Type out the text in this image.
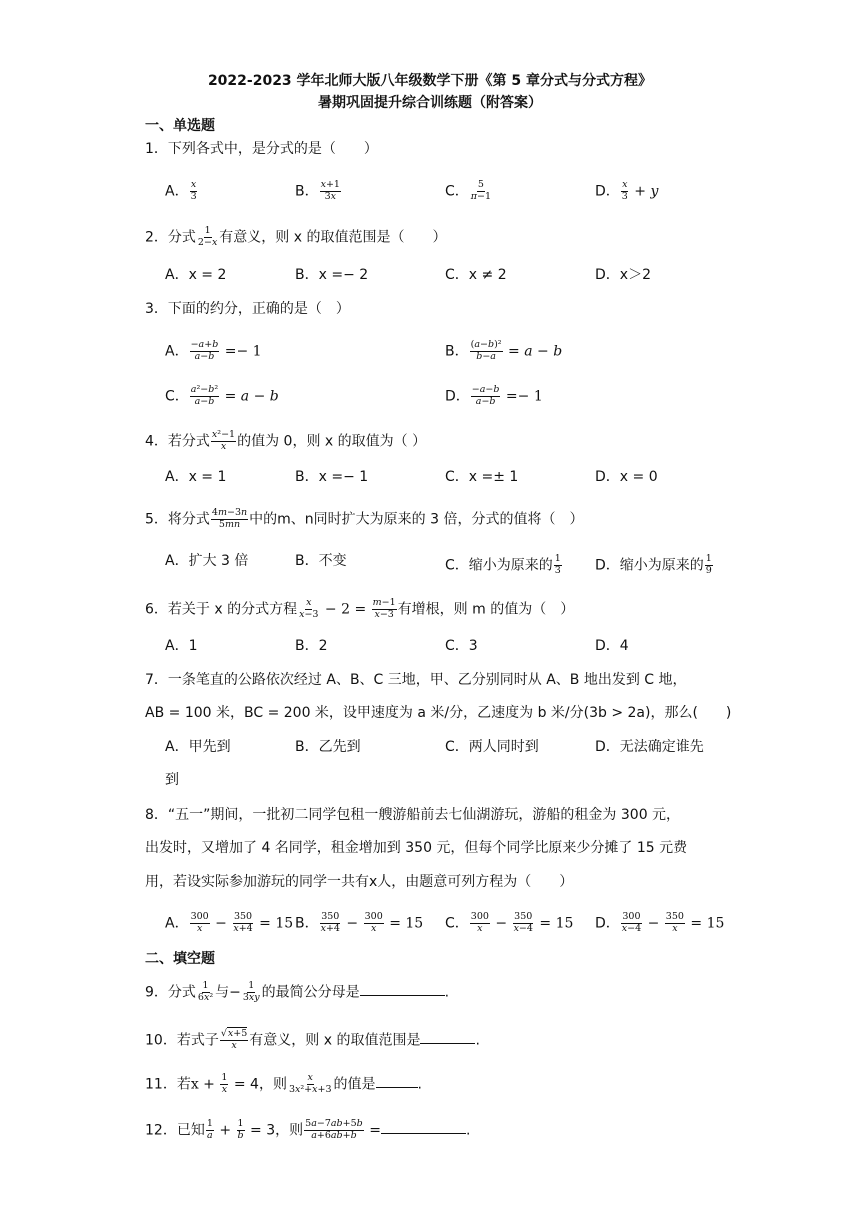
2022-2023 学年北师大版八年级数学下册《第 5 章分式与分式方程》
暑期巩固提升综合训练题（附答案）
一、单选题
1．下列各式中，是分式的是（　　）
A． $\frac{x}{3}$	B． $\frac{x+1}{3x}$	C． $\frac{5}{\pi-1}$	D． $\frac{x}{3} + y$
2．分式 $\frac{1}{2-x}$ 有意义，则 x 的取值范围是（　　）
A．x = 2	B．x =− 2	C．x ≠ 2	D．x＞2
3．下面的约分，正确的是（　）
A． $\frac{-a+b}{a-b} =- 1$	B． $\frac{\text{(a−b)²}}{b-a} = a - b$
C． $\frac{\text{a²−b²}}{a-b} = a - b$	D． $\frac{-a-b}{a-b} =- 1$
4．若分式 $\frac{\text{x²−1}}{x}$ 的值为 0，则 x 的取值为（ ）
A．x = 1	B．x =− 1	C．x =± 1	D．x = 0
5．将分式 $\frac{4m-3n}{5mn}$ 中的m、n同时扩大为原来的 3 倍，分式的值将（　）
A．扩大 3 倍	B．不变	C．缩小为原来的 $\frac{1}{3}$ D．缩小为原来的 $\frac{1}{9}$
6．若关于 x 的分式方程 $\frac{x}{x-3} - 2 = \frac{m-1}{x-3}$ 有增根，则 m 的值为（　）
A．1	B．2	C．3	D．4
7．一条笔直的公路依次经过 A、B、C 三地，甲、乙分别同时从 A、B 地出发到 C 地，
AB = 100 米，BC = 200 米，设甲速度为 a 米/分，乙速度为 b 米/分(3b > 2a)，那么(　　)
A．甲先到	B．乙先到	C．两人同时到	D．无法确定谁先
到
8．“五一”期间，一批初二同学包租一艘游船前去七仙湖游玩，游船的租金为 300 元，
出发时，又增加了 4 名同学，租金增加到 350 元，但每个同学比原来少分摊了 15 元费
用，若设实际参加游玩的同学一共有x人，由题意可列方程为（　　）
A． $\frac{300}{x} - \frac{350}{x+4} = 15$ B． $\frac{350}{x+4} - \frac{300}{x} = 15$ C． $\frac{300}{x} - \frac{350}{x-4} = 15$ D． $\frac{300}{x-4} - \frac{350}{x} = 15$
二、填空题
9．分式 $\frac{1}{\text{6x²}}$ 与− $\frac{1}{3xy}$ 的最简公分母是	.
10．若式子 $\frac{√x+5}{x}$ 有意义，则 x 的取值范围是	.
11．若$x + \frac{1}{x} = 4$，则 $\frac{x}{\text{3x²+x+3}}$ 的值是	.
12．已知 $\frac{1}{a} + \frac{1}{b} = 3$，则 $\frac{5a-7ab+5b}{a+6ab+b}$ =	.
